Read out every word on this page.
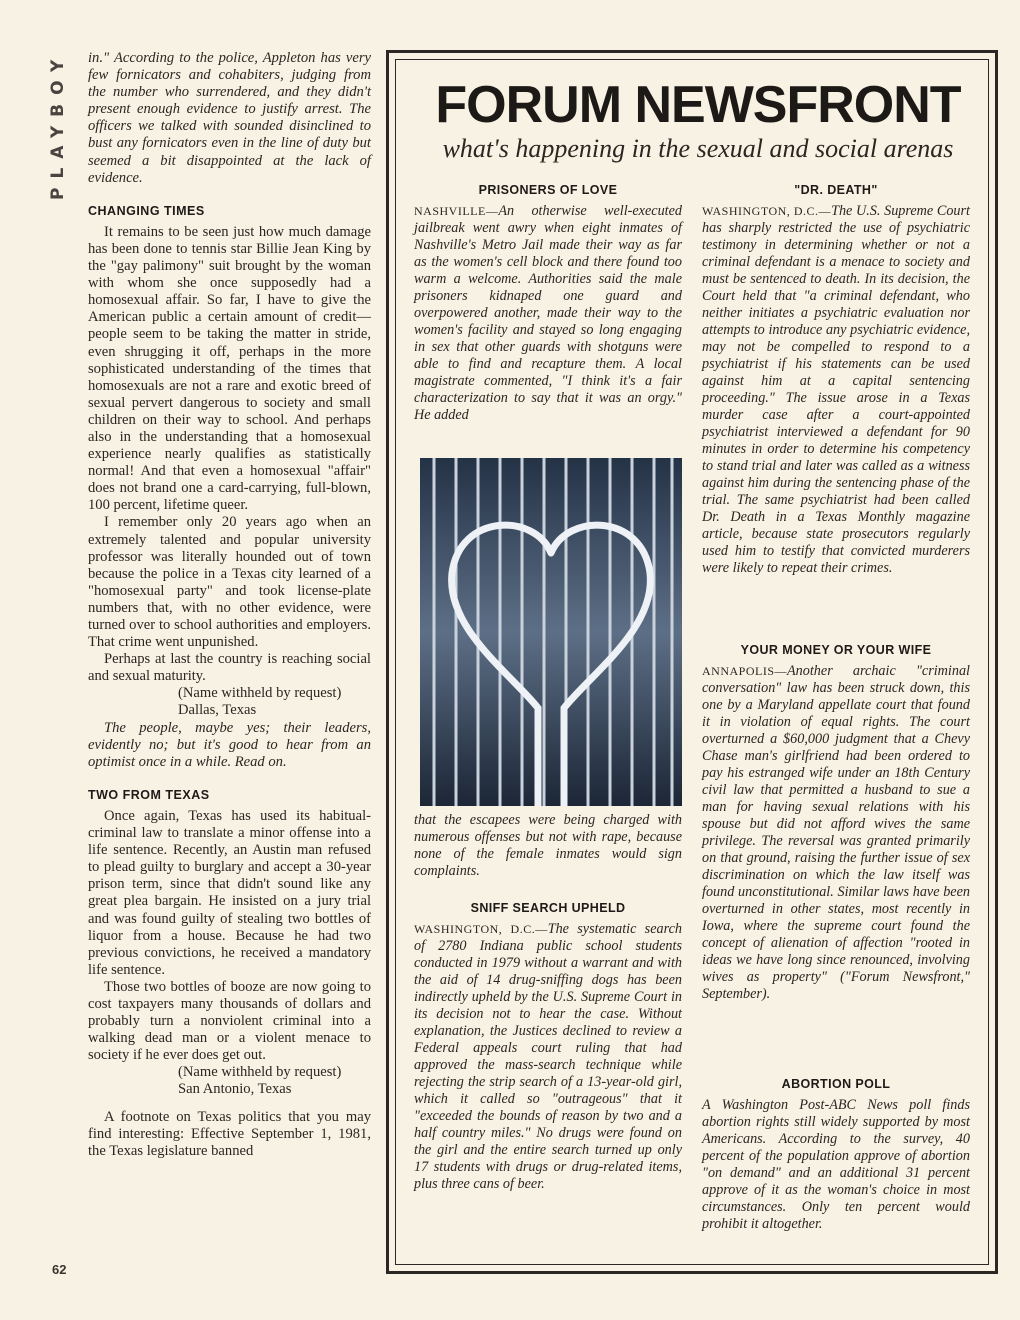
PLAYBOY
62

in." According to the police, Appleton has very few fornicators and cohabiters, judging from the number who surrendered, and they didn't present enough evidence to justify arrest. The officers we talked with sounded disinclined to bust any fornicators even in the line of duty but seemed a bit disappointed at the lack of evidence.

CHANGING TIMES

It remains to be seen just how much damage has been done to tennis star Billie Jean King by the "gay palimony" suit brought by the woman with whom she once supposedly had a homosexual affair. So far, I have to give the American public a certain amount of credit—people seem to be taking the matter in stride, even shrugging it off, perhaps in the more sophisticated understanding of the times that homosexuals are not a rare and exotic breed of sexual pervert dangerous to society and small children on their way to school. And perhaps also in the understanding that a homosexual experience nearly qualifies as statistically normal! And that even a homosexual "affair" does not brand one a card-carrying, full-blown, 100 percent, lifetime queer.

I remember only 20 years ago when an extremely talented and popular university professor was literally hounded out of town because the police in a Texas city learned of a "homosexual party" and took license-plate numbers that, with no other evidence, were turned over to school authorities and employers. That crime went unpunished.

Perhaps at last the country is reaching social and sexual maturity.

(Name withheld by request)

Dallas, Texas

The people, maybe yes; their leaders, evidently no; but it's good to hear from an optimist once in a while. Read on.

TWO FROM TEXAS

Once again, Texas has used its habitual-criminal law to translate a minor offense into a life sentence. Recently, an Austin man refused to plead guilty to burglary and accept a 30-year prison term, since that didn't sound like any great plea bargain. He insisted on a jury trial and was found guilty of stealing two bottles of liquor from a house. Because he had two previous convictions, he received a mandatory life sentence.

Those two bottles of booze are now going to cost taxpayers many thousands of dollars and probably turn a nonviolent criminal into a walking dead man or a violent menace to society if he ever does get out.

(Name withheld by request)

San Antonio, Texas

A footnote on Texas politics that you may find interesting: Effective September 1, 1981, the Texas legislature banned

FORUM NEWSFRONT
what's happening in the sexual and social arenas
PRISONERS OF LOVE

NASHVILLE—An otherwise well-executed jailbreak went awry when eight inmates of Nashville's Metro Jail made their way as far as the women's cell block and there found too warm a welcome. Authorities said the male prisoners kidnaped one guard and overpowered another, made their way to the women's facility and stayed so long engaging in sex that other guards with shotguns were able to find and recapture them. A local magistrate commented, "I think it's a fair characterization to say that it was an orgy." He added

that the escapees were being charged with numerous offenses but not with rape, because none of the female inmates would sign complaints.

SNIFF SEARCH UPHELD

WASHINGTON, D.C.—The systematic search of 2780 Indiana public school students conducted in 1979 without a warrant and with the aid of 14 drug-sniffing dogs has been indirectly upheld by the U.S. Supreme Court in its decision not to hear the case. Without explanation, the Justices declined to review a Federal appeals court ruling that had approved the mass-search technique while rejecting the strip search of a 13-year-old girl, which it called so "outrageous" that it "exceeded the bounds of reason by two and a half country miles." No drugs were found on the girl and the entire search turned up only 17 students with drugs or drug-related items, plus three cans of beer.

"DR. DEATH"

WASHINGTON, D.C.—The U.S. Supreme Court has sharply restricted the use of psychiatric testimony in determining whether or not a criminal defendant is a menace to society and must be sentenced to death. In its decision, the Court held that "a criminal defendant, who neither initiates a psychiatric evaluation nor attempts to introduce any psychiatric evidence, may not be compelled to respond to a psychiatrist if his statements can be used against him at a capital sentencing proceeding." The issue arose in a Texas murder case after a court-appointed psychiatrist interviewed a defendant for 90 minutes in order to determine his competency to stand trial and later was called as a witness against him during the sentencing phase of the trial. The same psychiatrist had been called Dr. Death in a Texas Monthly magazine article, because state prosecutors regularly used him to testify that convicted murderers were likely to repeat their crimes.

YOUR MONEY OR YOUR WIFE

ANNAPOLIS—Another archaic "criminal conversation" law has been struck down, this one by a Maryland appellate court that found it in violation of equal rights. The court overturned a $60,000 judgment that a Chevy Chase man's girlfriend had been ordered to pay his estranged wife under an 18th Century civil law that permitted a husband to sue a man for having sexual relations with his spouse but did not afford wives the same privilege. The reversal was granted primarily on that ground, raising the further issue of sex discrimination on which the law itself was found unconstitutional. Similar laws have been overturned in other states, most recently in Iowa, where the supreme court found the concept of alienation of affection "rooted in ideas we have long since renounced, involving wives as property" ("Forum Newsfront," September).

ABORTION POLL

A Washington Post-ABC News poll finds abortion rights still widely supported by most Americans. According to the survey, 40 percent of the population approve of abortion "on demand" and an additional 31 percent approve of it as the woman's choice in most circumstances. Only ten percent would prohibit it altogether.
